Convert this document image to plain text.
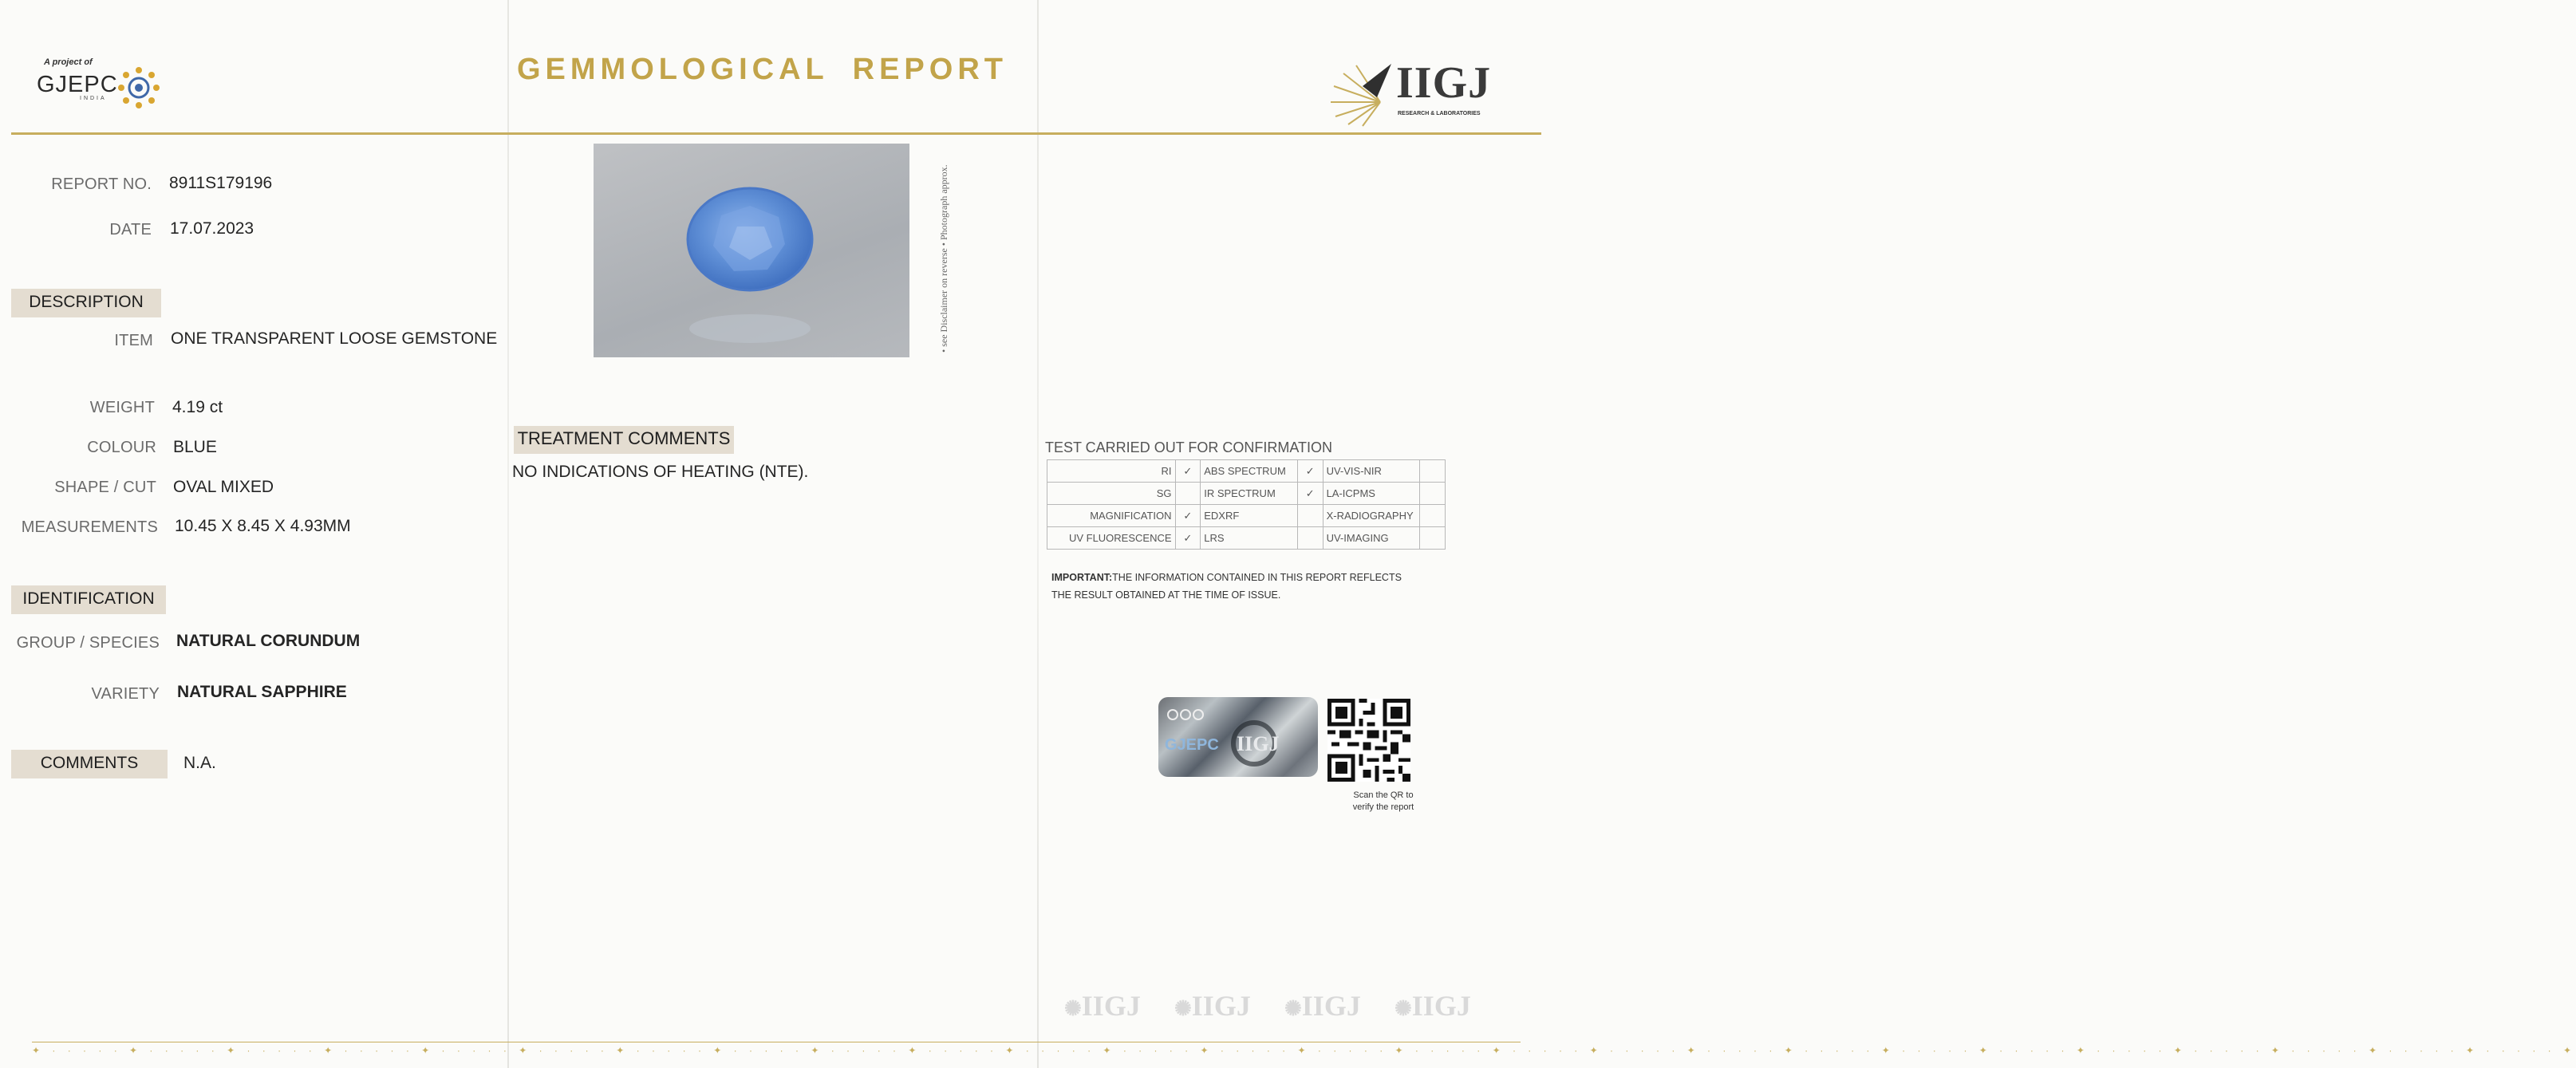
A project of
GJEPC
INDIA
GEMMOLOGICAL REPORT	IIGJ
RESEARCH & LABORATORIES
REPORT NO. 8911S179196
DATE 17.07.2023
DESCRIPTION
ITEM ONE TRANSPARENT LOOSE GEMSTONE
WEIGHT 4.19 ct
COLOUR BLUE
SHAPE / CUT OVAL MIXED
MEASUREMENTS 10.45 X 8.45 X 4.93MM
IDENTIFICATION
GROUP / SPECIES NATURAL CORUNDUM
VARIETY NATURAL SAPPHIRE
COMMENTS	N.A.
• see Disclaimer on reverse • Photograph approx.
TREATMENT COMMENTS
NO INDICATIONS OF HEATING (NTE).
TEST CARRIED OUT FOR CONFIRMATION
RI	✓	ABS SPECTRUM	✓	UV-VIS-NIR	
SG		IR SPECTRUM	✓	LA-ICPMS	
MAGNIFICATION	✓	EDXRF		X-RADIOGRAPHY	
UV FLUORESCENCE	✓	LRS		UV-IMAGING	
IMPORTANT:THE INFORMATION CONTAINED IN THIS REPORT REFLECTS THE RESULT OBTAINED AT THE TIME OF ISSUE.
GJEPC IIGJ
Scan the QR to
verify the report
✺IIGJ ✺IIGJ ✺IIGJ ✺IIGJ
✦ · · · · · ✦ · · · · · ✦ · · · · · ✦ · · · · · ✦ · · · · · ✦ · · · · · ✦ · · · · · ✦ · · · · · ✦ · · · · · ✦ · · · · · ✦ · · · · · ✦ · · · · · ✦ · · · · · ✦ · · · · · ✦ · · · · · ✦ · · · · · ✦ · · · · · ✦ · · · · · ✦ · · · · · ✦ · · · · · ✦ · · · · · ✦ · · · · · ✦ · · · · · ✦ · · · · · ✦ · · · · · ✦ · · · · · ✦
